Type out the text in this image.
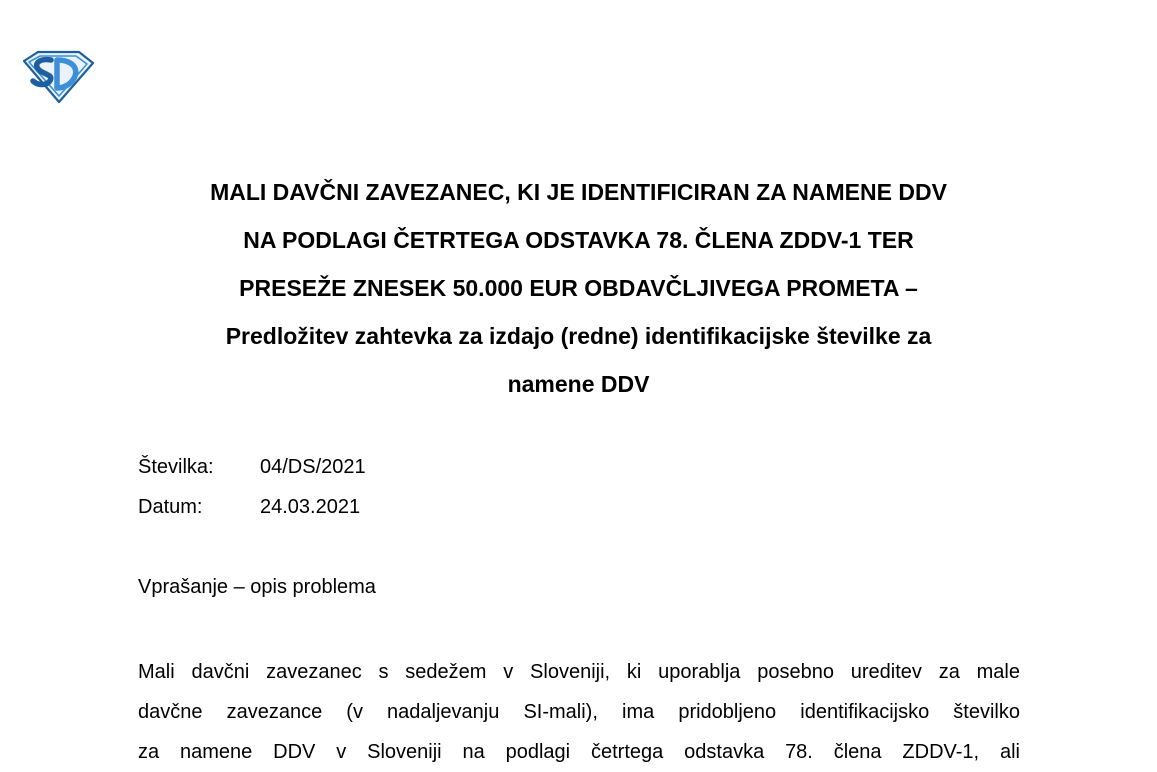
MALI DAVČNI ZAVEZANEC, KI JE IDENTIFICIRAN ZA NAMENE DDV
NA PODLAGI ČETRTEGA ODSTAVKA 78. ČLENA ZDDV-1 TER
PRESEŽE ZNESEK 50.000 EUR OBDAVČLJIVEGA PROMETA –
Predložitev zahtevka za izdajo (redne) identifikacijske številke za
namene DDV
Številka: 04/DS/2021
Datum:	24.03.2021

Vprašanje – opis problema

Mali davčni zavezanec s sedežem v Sloveniji, ki uporablja posebno ureditev za male
davčne zavezance (v nadaljevanju SI-mali), ima pridobljeno identifikacijsko številko
za namene DDV v Sloveniji na podlagi četrtega odstavka 78. člena ZDDV-1, ali
